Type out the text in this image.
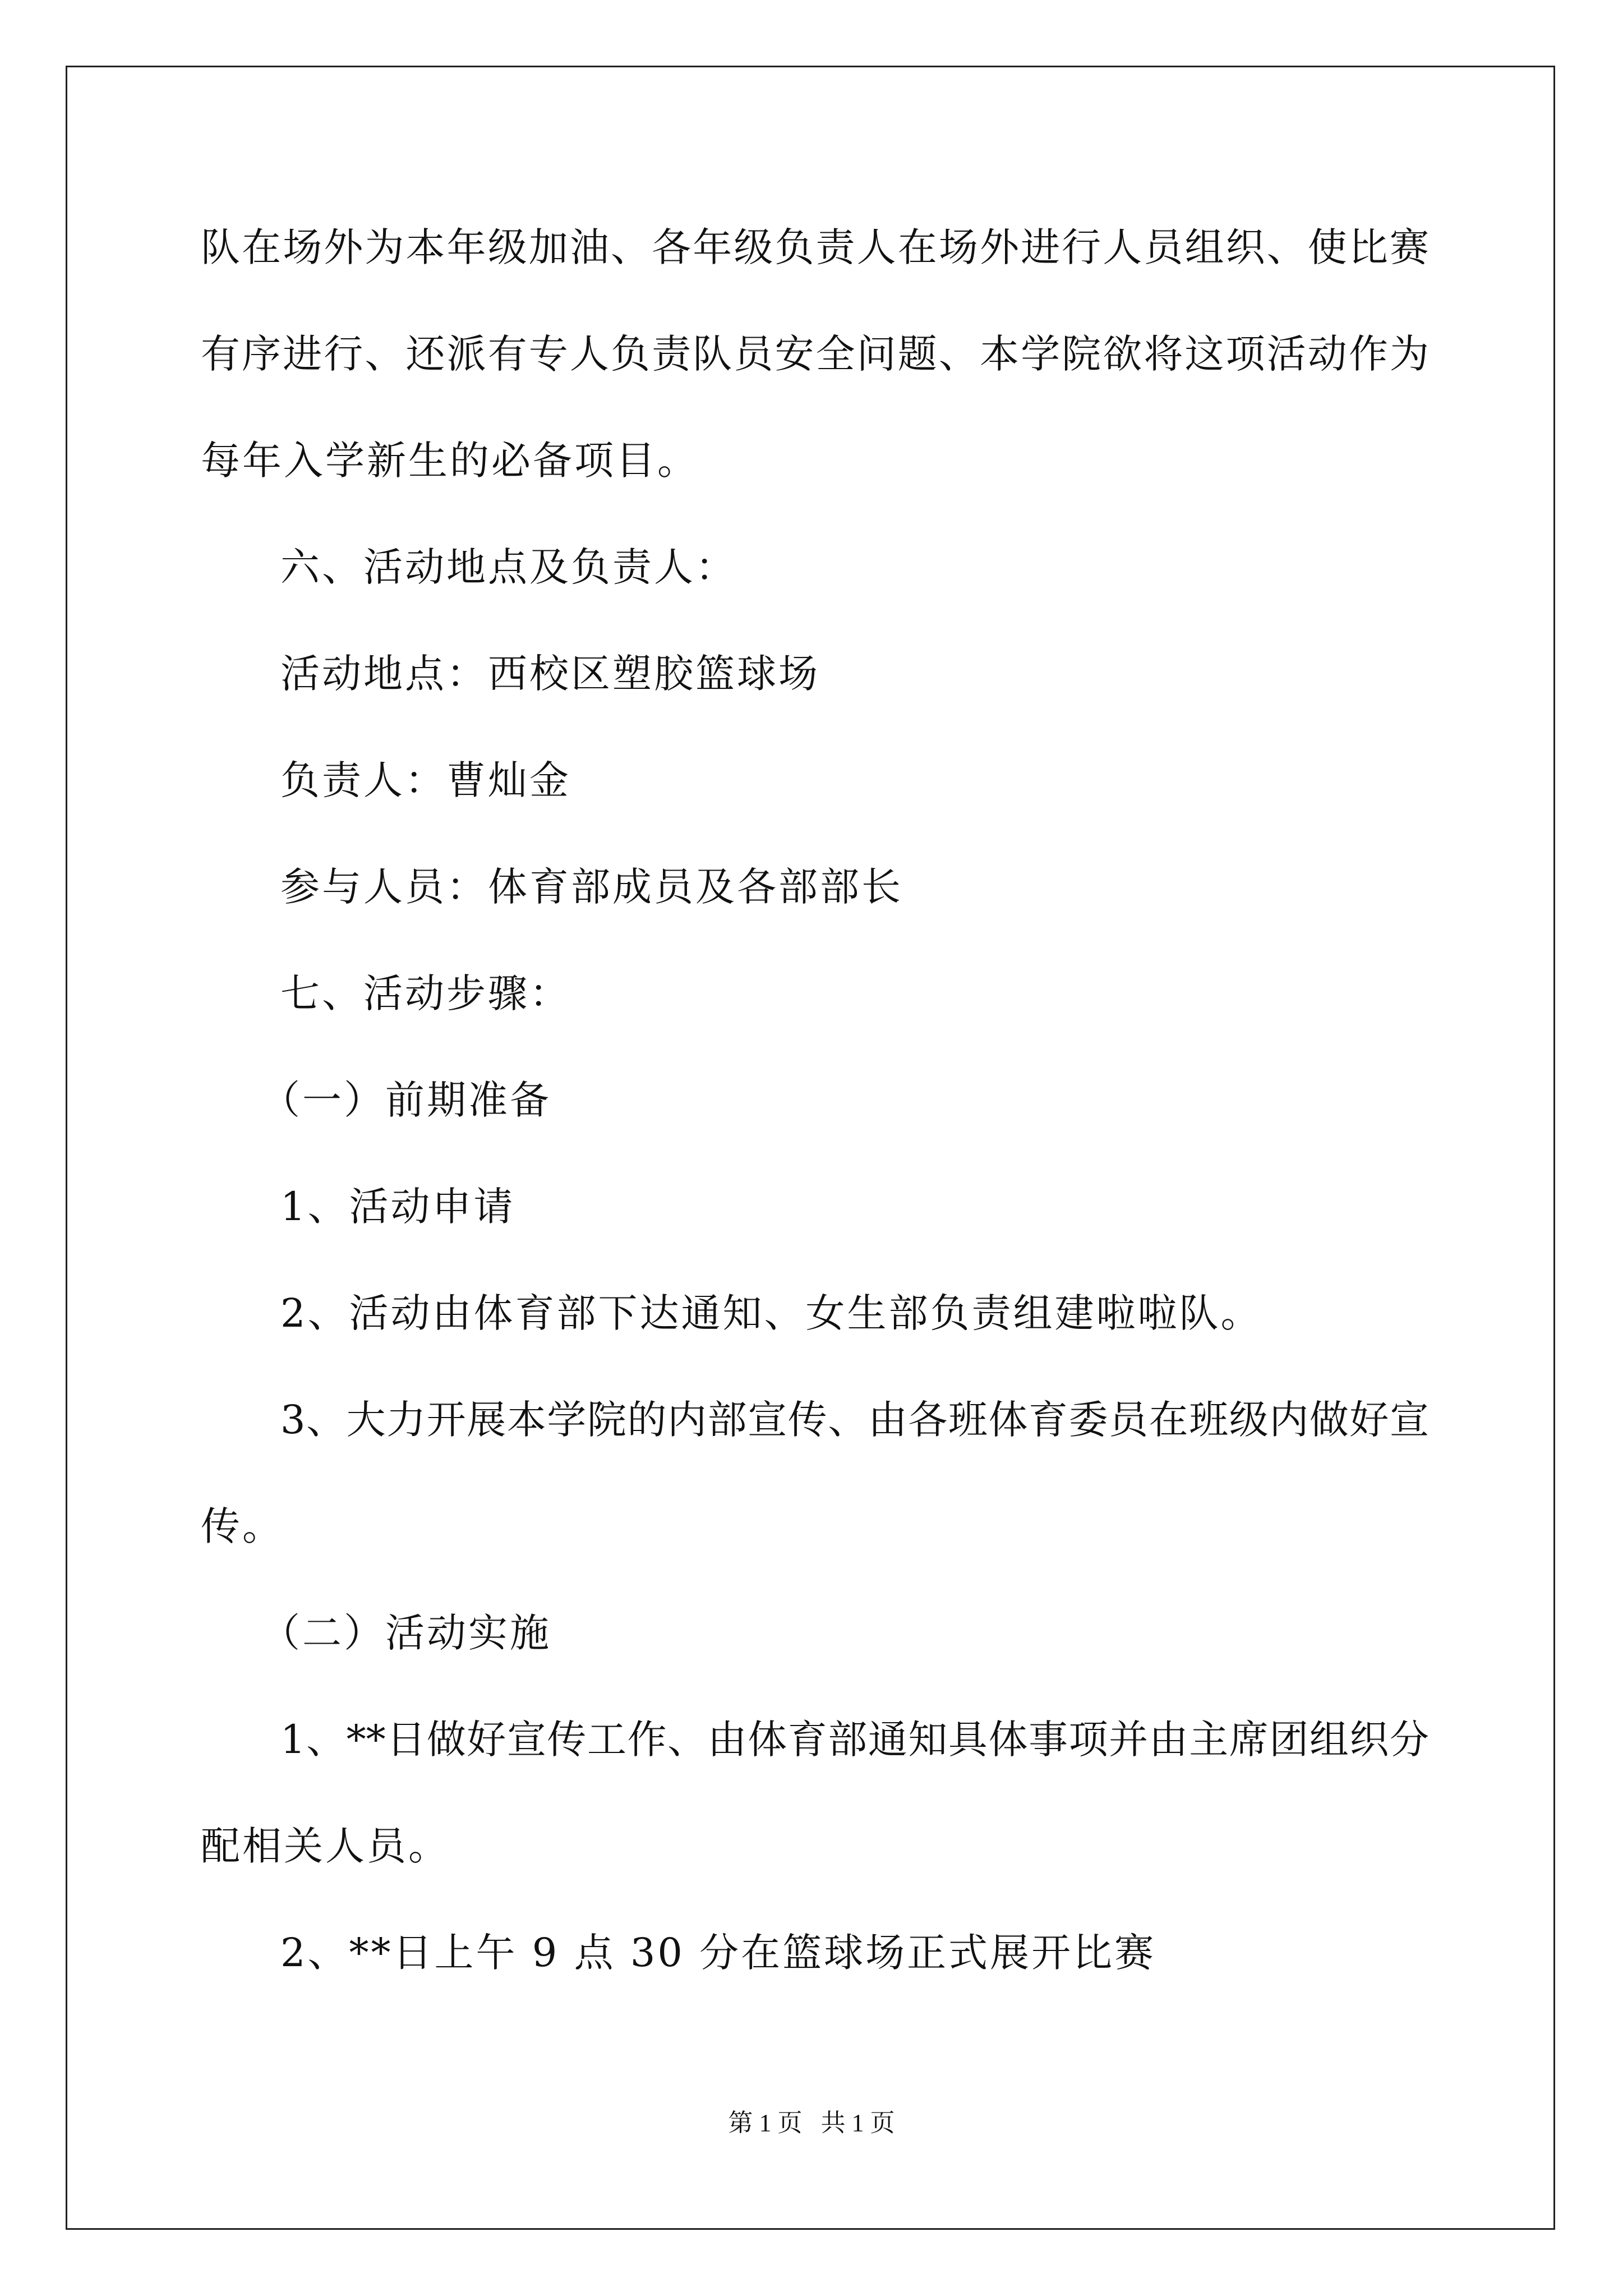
队在场外为本年级加油、各年级负责人在场外进行人员组织、使比赛
有序进行、还派有专人负责队员安全问题、本学院欲将这项活动作为
每年入学新生的必备项目。
六、活动地点及负责人：
活动地点：西校区塑胶篮球场
负责人：曹灿金
参与人员：体育部成员及各部部长
七、活动步骤：
（一）前期准备
1、活动申请
2、活动由体育部下达通知、女生部负责组建啦啦队。
3、大力开展本学院的内部宣传、由各班体育委员在班级内做好宣
传。
（二）活动实施
1、**日做好宣传工作、由体育部通知具体事项并由主席团组织分
配相关人员。
2、**日上午 9 点 30 分在篮球场正式展开比赛
第 1 页   共 1 页
